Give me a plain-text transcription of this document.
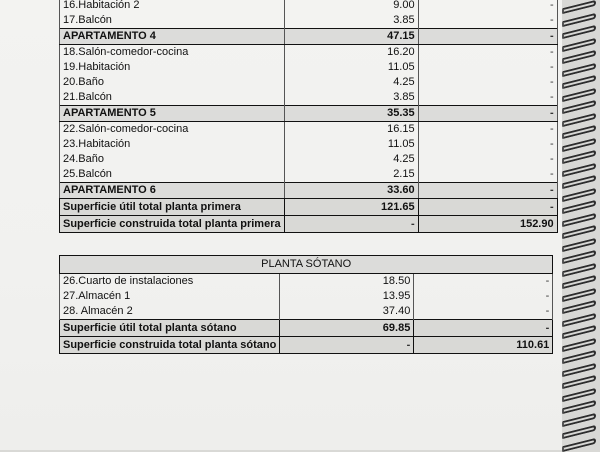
16.Habitación 2	9.00	-
17.Balcón	3.85	-
APARTAMENTO 4	47.15	-
18.Salón-comedor-cocina	16.20	-
19.Habitación	11.05	-
20.Baño	4.25	-
21.Balcón	3.85	-
APARTAMENTO 5	35.35	-
22.Salón-comedor-cocina	16.15	-
23.Habitación	11.05	-
24.Baño	4.25	-
25.Balcón	2.15	-
APARTAMENTO 6	33.60	-
Superficie útil total planta primera	121.65	-
Superficie construida total planta primera	-	152.90
PLANTA SÓTANO		
26.Cuarto de instalaciones	18.50	-
27.Almacén 1	13.95	-
28. Almacén 2	37.40	-
Superficie útil total planta sótano	69.85	-
Superficie construida total planta sótano	-	110.61
